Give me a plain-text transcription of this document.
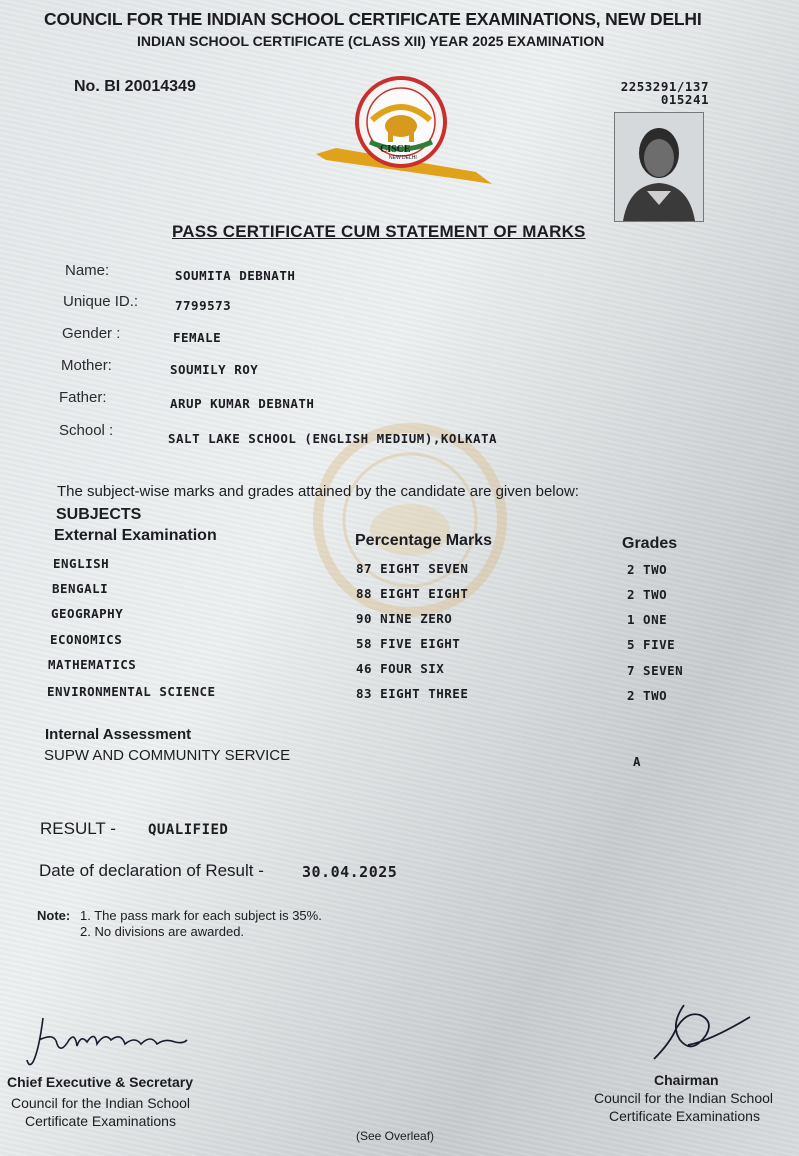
COUNCIL FOR THE INDIAN SCHOOL CERTIFICATE EXAMINATIONS, NEW DELHI
INDIAN SCHOOL CERTIFICATE (CLASS XII) YEAR 2025 EXAMINATION
No. BI 20014349	2253291/137
015241
CISCE
NEW DELHI
PASS CERTIFICATE CUM STATEMENT OF MARKS
Name:	SOUMITA DEBNATH
Unique ID.:	7799573
Gender :	FEMALE
Mother:	SOUMILY ROY
Father:	ARUP KUMAR DEBNATH
School :	SALT LAKE SCHOOL (ENGLISH MEDIUM),KOLKATA
The subject-wise marks and grades attained by the candidate are given below:
SUBJECTS
External Examination	Percentage Marks	Grades
ENGLISH	87 EIGHT SEVEN	2 TWO
BENGALI	88 EIGHT EIGHT	2 TWO
GEOGRAPHY	90 NINE ZERO	1 ONE
ECONOMICS	58 FIVE EIGHT	5 FIVE
MATHEMATICS	46 FOUR SIX	7 SEVEN
ENVIRONMENTAL SCIENCE	83 EIGHT THREE	2 TWO
Internal Assessment
SUPW AND COMMUNITY SERVICE	A
RESULT - QUALIFIED
Date of declaration of Result -	30.04.2025
Note: 1. The pass mark for each subject is 35%.
2. No divisions are awarded.
Chief Executive & Secretary
Council for the Indian School
Certificate Examinations
Chairman
Council for the Indian School
Certificate Examinations
(See Overleaf)
